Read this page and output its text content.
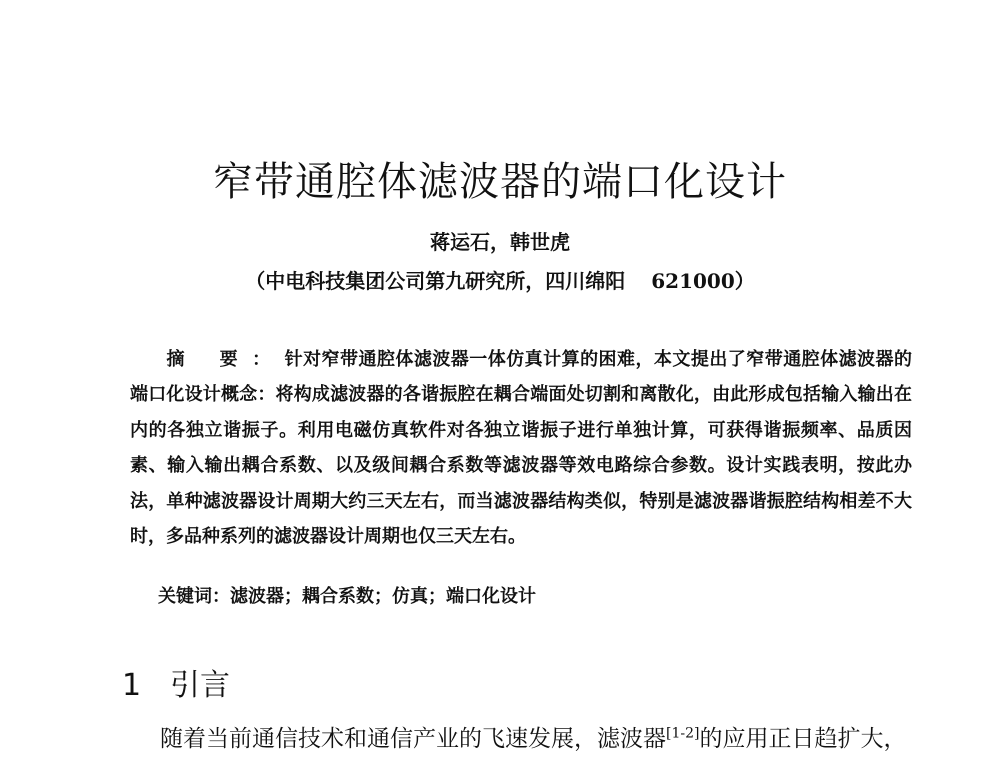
窄带通腔体滤波器的端口化设计
蒋运石，韩世虎
（中电科技集团公司第九研究所，四川绵阳 621000）
摘 要：针对窄带通腔体滤波器一体仿真计算的困难，本文提出了窄带通腔体滤波器的端口化设计概念：将构成滤波器的各谐振腔在耦合端面处切割和离散化，由此形成包括输入输出在内的各独立谐振子。利用电磁仿真软件对各独立谐振子进行单独计算，可获得谐振频率、品质因素、输入输出耦合系数、以及级间耦合系数等滤波器等效电路综合参数。设计实践表明，按此办法，单种滤波器设计周期大约三天左右，而当滤波器结构类似，特别是滤波器谐振腔结构相差不大时，多品种系列的滤波器设计周期也仅三天左右。
关键词：滤波器；耦合系数；仿真；端口化设计
1 引言
随着当前通信技术和通信产业的飞速发展，滤波器[1-2]的应用正日趋扩大，
